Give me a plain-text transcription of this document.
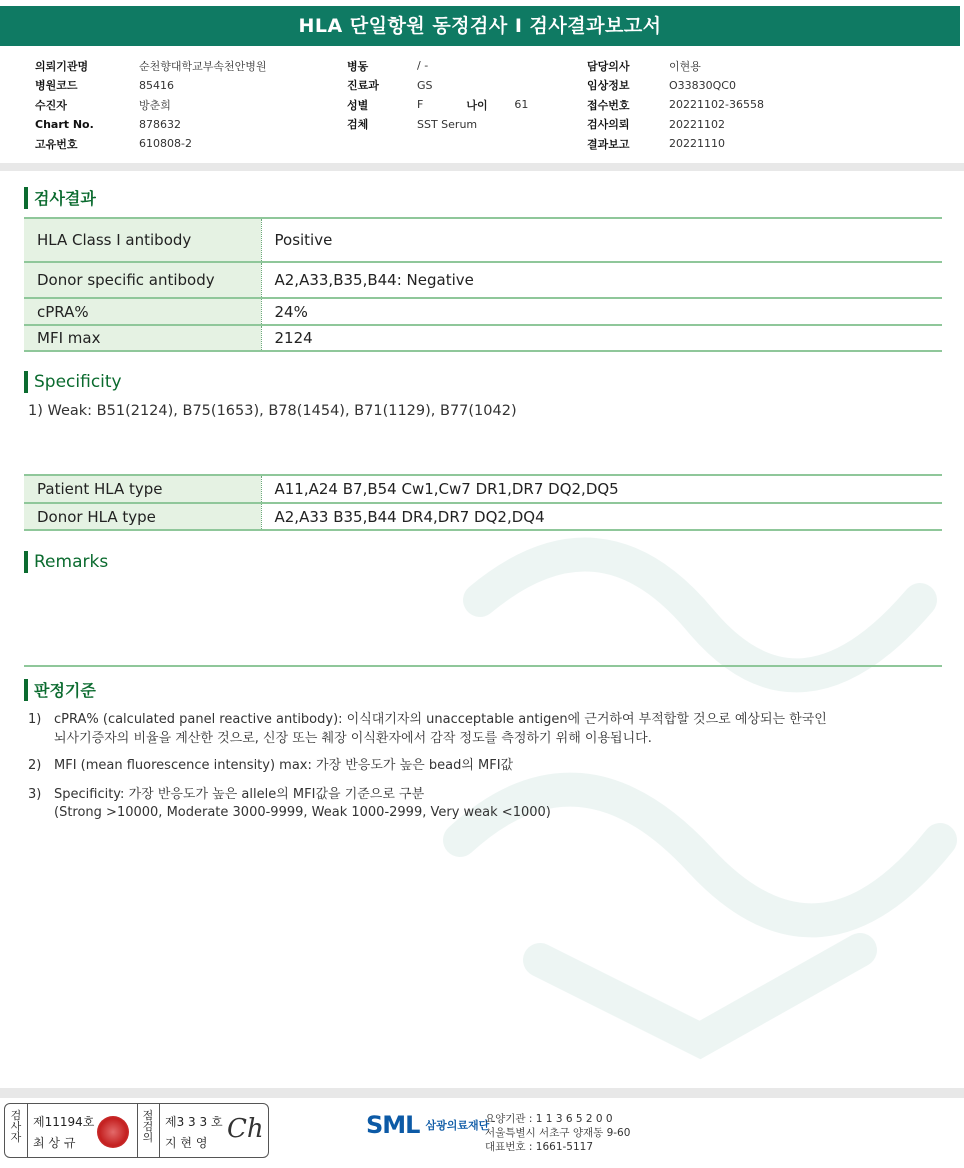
HLA 단일항원 동정검사 I 검사결과보고서
의뢰기관명	순천향대학교부속천안병원
병원코드	85416
수진자	방춘희
Chart No.	878632
고유번호	610808-2
병동	/ -
진료과	GS
성별	F	나이	61
검체	SST Serum
담당의사	이현용
임상정보	O33830QC0
접수번호	20221102-36558
검사의뢰	20221102
결과보고	20221110
검사결과
HLA Class I antibody	Positive
Donor specific antibody	A2,A33,B35,B44: Negative
cPRA%	24%
MFI max	2124
Specificity
1) Weak: B51(2124), B75(1653), B78(1454), B71(1129), B77(1042)
Patient HLA type	A11,A24 B7,B54 Cw1,Cw7 DR1,DR7 DQ2,DQ5
Donor HLA type	A2,A33 B35,B44 DR4,DR7 DQ2,DQ4
Remarks
판정기준
1) cPRA% (calculated panel reactive antibody): 이식대기자의 unacceptable antigen에 근거하여 부적합할 것으로 예상되는 한국인
뇌사기증자의 비율을 계산한 것으로, 신장 또는 췌장 이식환자에서 감작 정도를 측정하기 위해 이용됩니다.
2) MFI (mean fluorescence intensity) max: 가장 반응도가 높은 bead의 MFI값
3) Specificity: 가장 반응도가 높은 allele의 MFI값을 기준으로 구분
(Strong >10000, Moderate 3000-9999, Weak 1000-2999, Very weak <1000)
검사자
제11194호
최 상 규
점검의
제3 3 3 호
지 현 영 Ch	SML 삼광의료재단
요양기관 : 1 1 3 6 5 2 0 0
서울특별시 서초구 양재동 9-60
대표번호 : 1661-5117
